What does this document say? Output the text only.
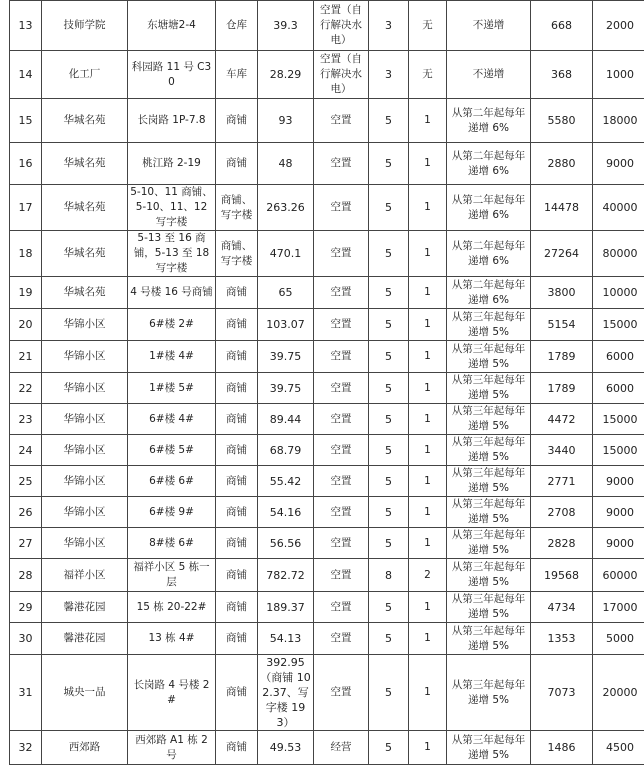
13	技师学院	东塘塘2-4	仓库	39.3	空置（自行解决水电）	3	无	不递增	668	2000
14	化工厂	科园路 11 号 C30	车库	28.29	空置（自行解决水电）	3	无	不递增	368	1000
15	华城名苑	长岗路 1P-7.8	商铺	93	空置	5	1	从第二年起每年递增 6%	5580	18000
16	华城名苑	桃江路 2-19	商铺	48	空置	5	1	从第二年起每年递增 6%	2880	9000
17	华城名苑	5-10、11 商铺、5-10、11、12 写字楼	商铺、写字楼	263.26	空置	5	1	从第二年起每年递增 6%	14478	40000
18	华城名苑	5-13 至 16 商铺，5-13 至 18 写字楼	商铺、写字楼	470.1	空置	5	1	从第二年起每年递增 6%	27264	80000
19	华城名苑	4 号楼 16 号商铺	商铺	65	空置	5	1	从第二年起每年递增 6%	3800	10000
20	华锦小区	6#楼 2#	商铺	103.07	空置	5	1	从第三年起每年递增 5%	5154	15000
21	华锦小区	1#楼 4#	商铺	39.75	空置	5	1	从第三年起每年递增 5%	1789	6000
22	华锦小区	1#楼 5#	商铺	39.75	空置	5	1	从第三年起每年递增 5%	1789	6000
23	华锦小区	6#楼 4#	商铺	89.44	空置	5	1	从第三年起每年递增 5%	4472	15000
24	华锦小区	6#楼 5#	商铺	68.79	空置	5	1	从第三年起每年递增 5%	3440	15000
25	华锦小区	6#楼 6#	商铺	55.42	空置	5	1	从第三年起每年递增 5%	2771	9000
26	华锦小区	6#楼 9#	商铺	54.16	空置	5	1	从第三年起每年递增 5%	2708	9000
27	华锦小区	8#楼 6#	商铺	56.56	空置	5	1	从第三年起每年递增 5%	2828	9000
28	福祥小区	福祥小区 5 栋一层	商铺	782.72	空置	8	2	从第三年起每年递增 5%	19568	60000
29	馨港花园	15 栋 20-22#	商铺	189.37	空置	5	1	从第三年起每年递增 5%	4734	17000
30	馨港花园	13 栋 4#	商铺	54.13	空置	5	1	从第三年起每年递增 5%	1353	5000
31	城央一品	长岗路 4 号楼 2#	商铺	392.95（商铺 102.37、写字楼 193）	空置	5	1	从第三年起每年递增 5%	7073	20000
32	西郊路	西郊路 A1 栋 2 号	商铺	49.53	经营	5	1	从第三年起每年递增 5%	1486	4500
